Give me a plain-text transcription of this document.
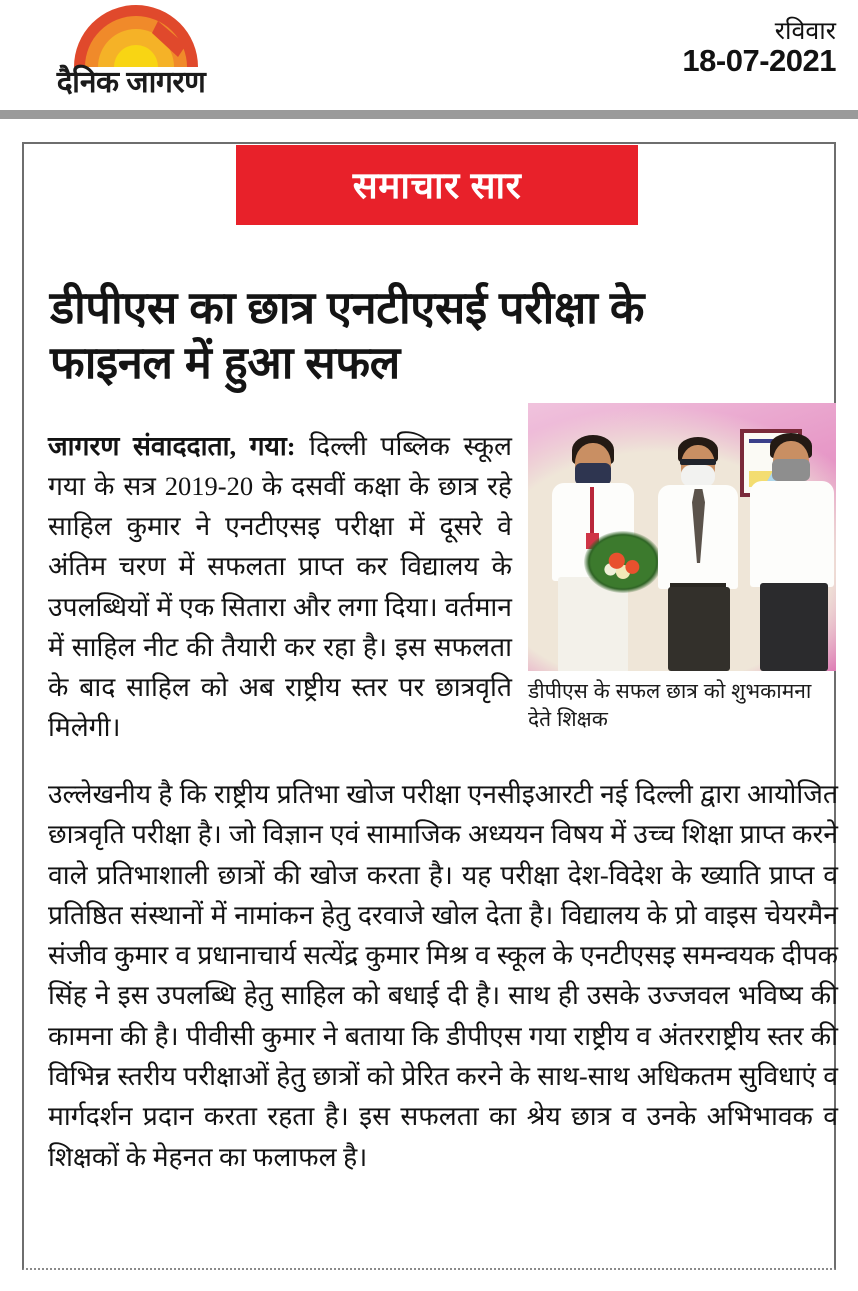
दैनिक जागरण
रविवार
18-07-2021
समाचार सार
डीपीएस का छात्र एनटीएसई परीक्षा के फाइनल में हुआ सफल
डीपीएस के सफल छात्र को शुभकामना देते शिक्षक

जागरण संवाददाता, गया: दिल्ली पब्लिक स्कूल गया के सत्र 2019-20 के दसवीं कक्षा के छात्र रहे साहिल कुमार ने एनटीएसइ परीक्षा में दूसरे वे अंतिम चरण में सफलता प्राप्त कर विद्यालय के उपलब्धियों में एक सितारा और लगा दिया। वर्तमान में साहिल नीट की तैयारी कर रहा है। इस सफलता के बाद साहिल को अब राष्ट्रीय स्तर पर छात्रवृति मिलेगी।

उल्लेखनीय है कि राष्ट्रीय प्रतिभा खोज परीक्षा एनसीइआरटी नई दिल्ली द्वारा आयोजित छात्रवृति परीक्षा है। जो विज्ञान एवं सामाजिक अध्ययन विषय में उच्च शिक्षा प्राप्त करने वाले प्रतिभाशाली छात्रों की खोज करता है। यह परीक्षा देश-विदेश के ख्याति प्राप्त व प्रतिष्ठित संस्थानों में नामांकन हेतु दरवाजे खोल देता है। विद्यालय के प्रो वाइस चेयरमैन संजीव कुमार व प्रधानाचार्य सत्येंद्र कुमार मिश्र व स्कूल के एनटीएसइ समन्वयक दीपक सिंह ने इस उपलब्धि हेतु साहिल को बधाई दी है। साथ ही उसके उज्जवल भविष्य की कामना की है। पीवीसी कुमार ने बताया कि डीपीएस गया राष्ट्रीय व अंतरराष्ट्रीय स्तर की विभिन्न स्तरीय परीक्षाओं हेतु छात्रों को प्रेरित करने के साथ-साथ अधिकतम सुविधाएं व मार्गदर्शन प्रदान करता रहता है। इस सफलता का श्रेय छात्र व उनके अभिभावक व शिक्षकों के मेहनत का फलाफल है।
